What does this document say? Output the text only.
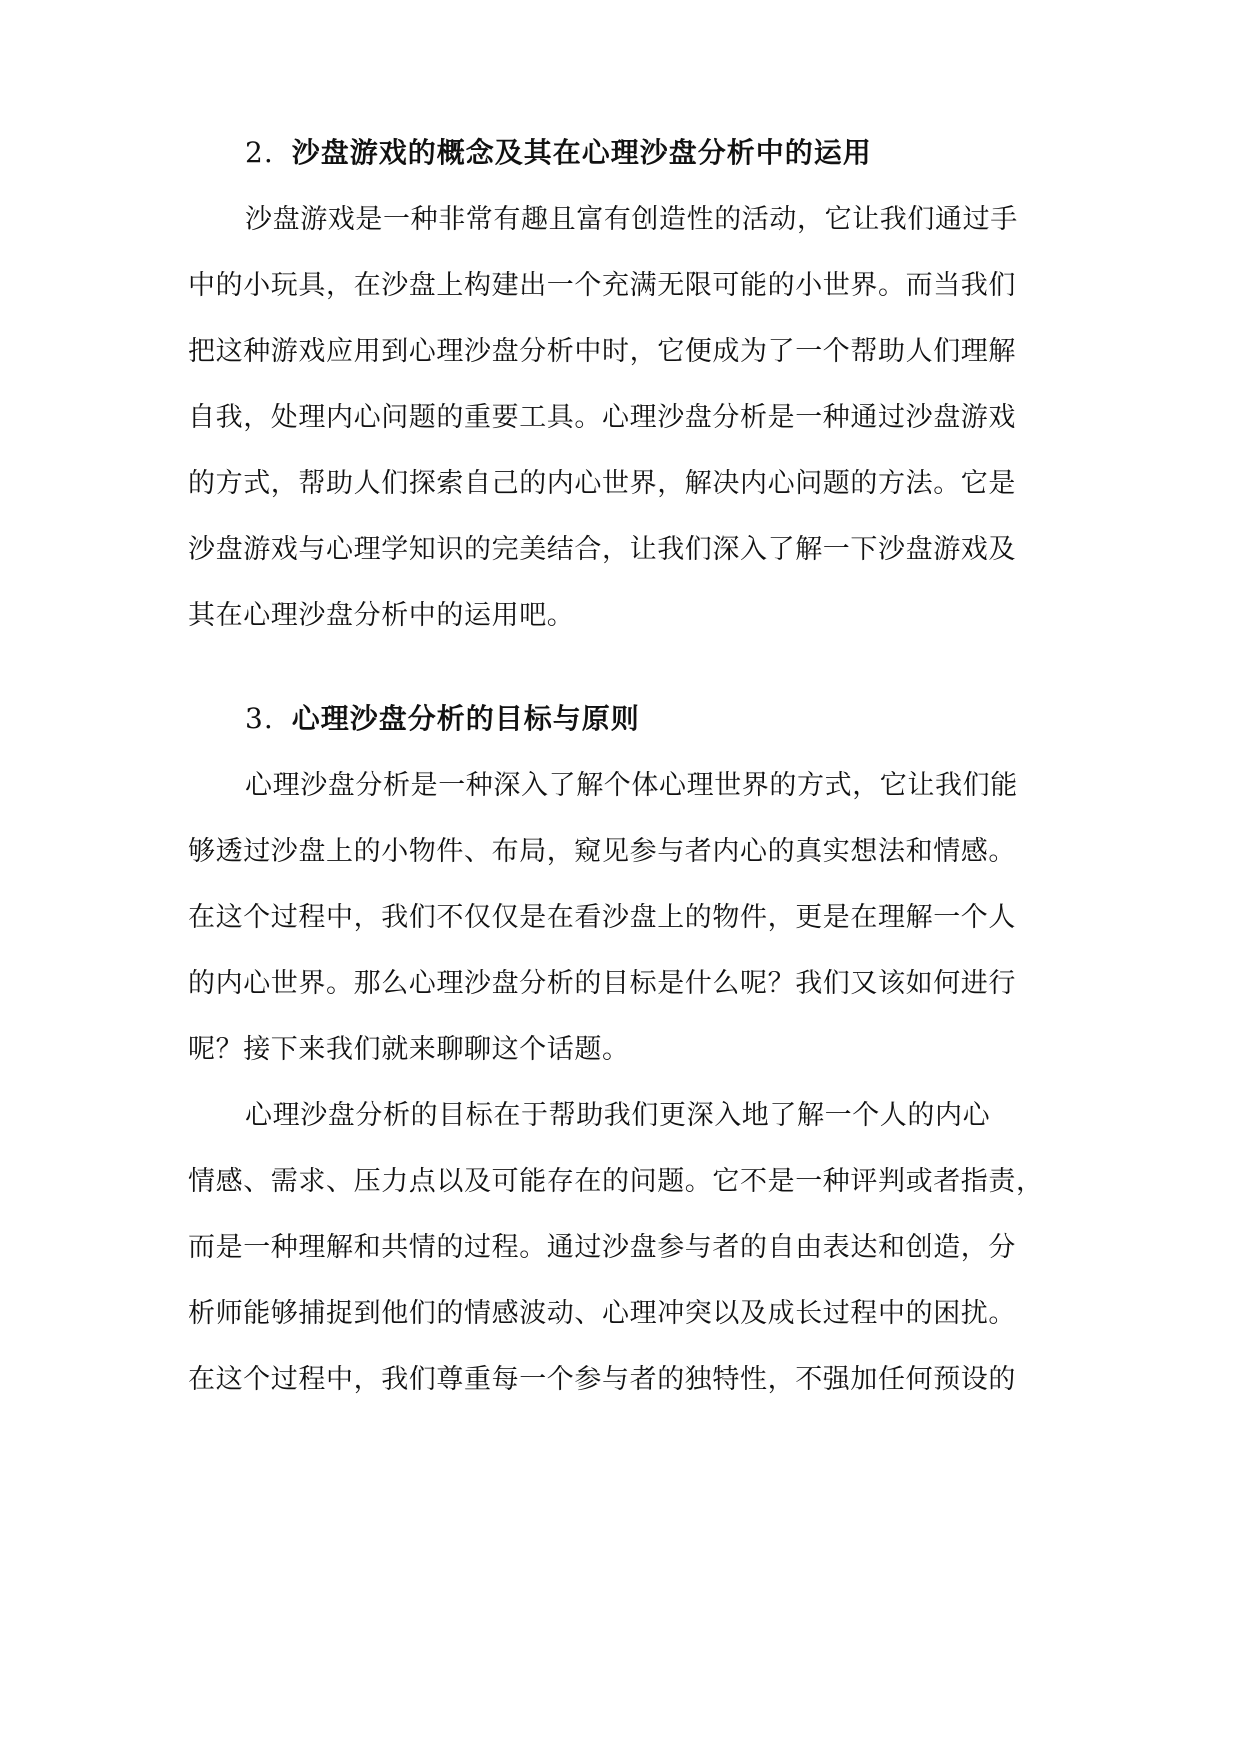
2. 沙盘游戏的概念及其在心理沙盘分析中的运用

沙盘游戏是一种非常有趣且富有创造性的活动，它让我们通过手

中的小玩具，在沙盘上构建出一个充满无限可能的小世界。而当我们

把这种游戏应用到心理沙盘分析中时，它便成为了一个帮助人们理解

自我，处理内心问题的重要工具。心理沙盘分析是一种通过沙盘游戏

的方式，帮助人们探索自己的内心世界，解决内心问题的方法。它是

沙盘游戏与心理学知识的完美结合，让我们深入了解一下沙盘游戏及

其在心理沙盘分析中的运用吧。

3. 心理沙盘分析的目标与原则

心理沙盘分析是一种深入了解个体心理世界的方式，它让我们能

够透过沙盘上的小物件、布局，窥见参与者内心的真实想法和情感。

在这个过程中，我们不仅仅是在看沙盘上的物件，更是在理解一个人

的内心世界。那么心理沙盘分析的目标是什么呢？我们又该如何进行

呢？接下来我们就来聊聊这个话题。

心理沙盘分析的目标在于帮助我们更深入地了解一个人的内心

情感、需求、压力点以及可能存在的问题。它不是一种评判或者指责，

而是一种理解和共情的过程。通过沙盘参与者的自由表达和创造，分

析师能够捕捉到他们的情感波动、心理冲突以及成长过程中的困扰。

在这个过程中，我们尊重每一个参与者的独特性，不强加任何预设的
